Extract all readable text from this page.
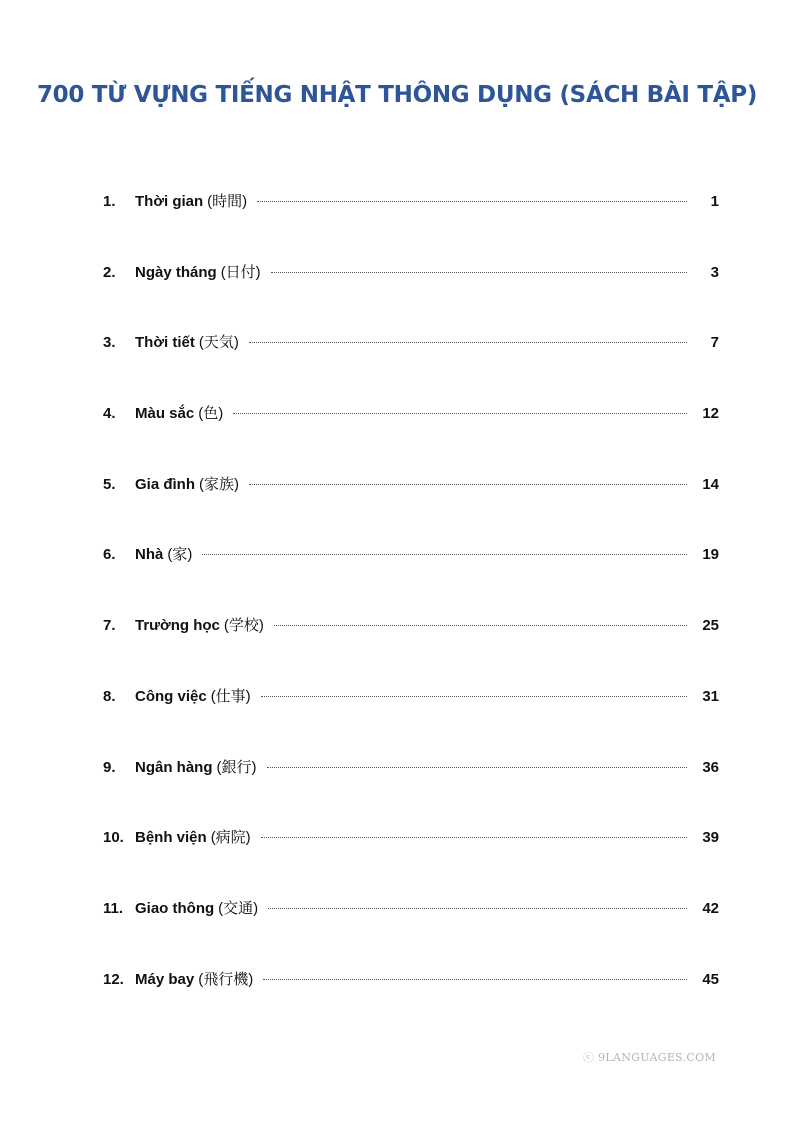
700 TỪ VỰNG TIẾNG NHẬT THÔNG DỤNG (SÁCH BÀI TẬP)
1.	Thời gian (時間)	1
2.	Ngày tháng (日付)	3
3.	Thời tiết (天気)	7
4.	Màu sắc (色)	12
5.	Gia đình (家族)	14
6.	Nhà (家)	19
7.	Trường học (学校)	25
8.	Công việc (仕事)	31
9.	Ngân hàng (銀行)	36
10. Bệnh viện (病院)	39
11. Giao thông (交通)	42
12. Máy bay (飛行機)	45
ⓒ 9LANGUAGES.COM
